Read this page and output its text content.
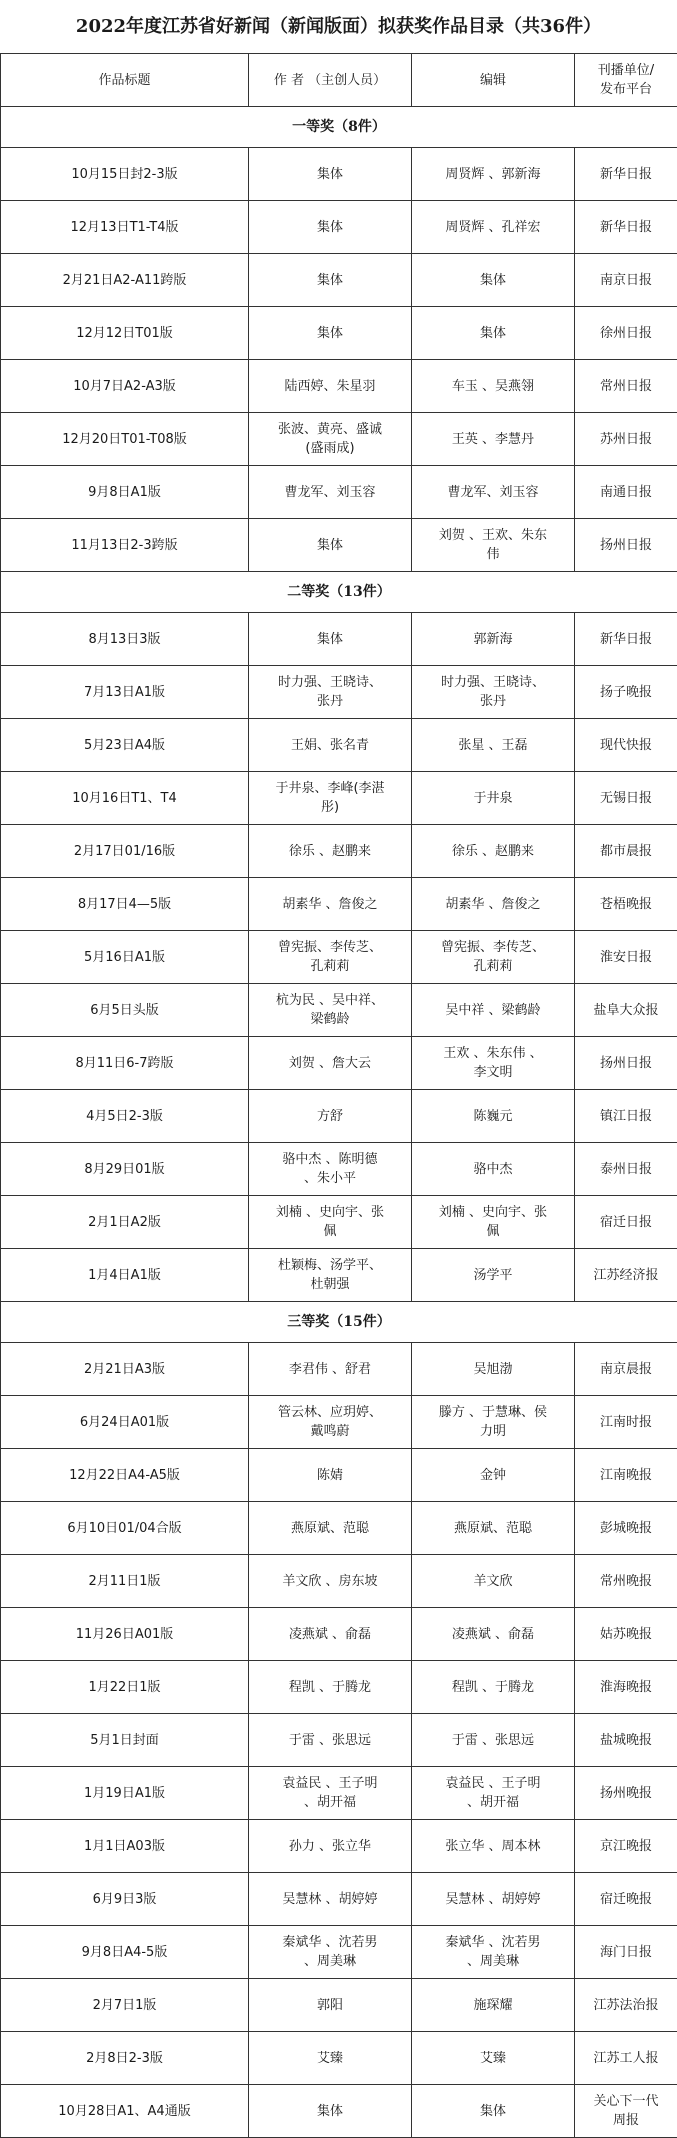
2022年度江苏省好新闻（新闻版面）拟获奖作品目录（共36件）
作品标题	作 者 （主创人员）	编辑	刊播单位/
发布平台

一等奖（8件）			

10月15日封2-3版	集体	周贤辉 、郭新海	新华日报

12月13日T1-T4版	集体	周贤辉 、孔祥宏	新华日报

2月21日A2-A11跨版	集体	集体	南京日报

12月12日T01版	集体	集体	徐州日报

10月7日A2-A3版	陆西婷、朱星羽	车玉 、吴燕翎	常州日报

12月20日T01-T08版	张波、黄亮、盛诚(盛雨成)	王英 、李慧丹	苏州日报

9月8日A1版	曹龙军、刘玉容	曹龙军、刘玉容	南通日报

11月13日2-3跨版	集体	刘贺 、王欢、朱东伟	扬州日报

二等奖（13件）			

8月13日3版	集体	郭新海	新华日报

7月13日A1版	时力强、王晓诗、张丹	时力强、王晓诗、张丹	扬子晚报

5月23日A4版	王娟、张名青	张星 、王磊	现代快报

10月16日T1、T4	于井泉、李峰(李湛彤)	于井泉	无锡日报

2月17日01/16版	徐乐 、赵鹏来	徐乐 、赵鹏来	都市晨报

8月17日4—5版	胡素华 、詹俊之	胡素华 、詹俊之	苍梧晚报

5月16日A1版	曾宪振、李传芝、孔莉莉	曾宪振、李传芝、孔莉莉	淮安日报

6月5日头版	杭为民 、吴中祥、梁鹤龄	吴中祥 、梁鹤龄	盐阜大众报

8月11日6-7跨版	刘贺 、詹大云	王欢 、朱东伟 、李文明	扬州日报

4月5日2-3版	方舒	陈巍元	镇江日报

8月29日01版	骆中杰 、陈明德 、朱小平	骆中杰	泰州日报

2月1日A2版	刘楠 、史向宇、张佩	刘楠 、史向宇、张佩	宿迁日报

1月4日A1版	杜颖梅、汤学平、杜朝强	汤学平	江苏经济报

三等奖（15件）			

2月21日A3版	李君伟 、舒君	吴旭渤	南京晨报

6月24日A01版	管云林、应玥婷、戴鸣蔚	滕方 、于慧琳、侯力明	江南时报

12月22日A4-A5版	陈婧	金钟	江南晚报

6月10日01/04合版	燕原斌、范聪	燕原斌、范聪	彭城晚报

2月11日1版	羊文欣 、房东坡	羊文欣	常州晚报

11月26日A01版	凌燕斌 、俞磊	凌燕斌 、俞磊	姑苏晚报

1月22日1版	程凯 、于腾龙	程凯 、于腾龙	淮海晚报

5月1日封面	于雷 、张思远	于雷 、张思远	盐城晚报

1月19日A1版	袁益民 、王子明 、胡开福	袁益民 、王子明 、胡开福	扬州晚报

1月1日A03版	孙力 、张立华	张立华 、周本林	京江晚报

6月9日3版	吴慧林 、胡婷婷	吴慧林 、胡婷婷	宿迁晚报

9月8日A4-5版	秦斌华 、沈若男 、周美琳	秦斌华 、沈若男 、周美琳	海门日报

2月7日1版	郭阳	施琛耀	江苏法治报

2月8日2-3版	艾臻	艾臻	江苏工人报

10月28日A1、A4通版	集体	集体	关心下一代周报
